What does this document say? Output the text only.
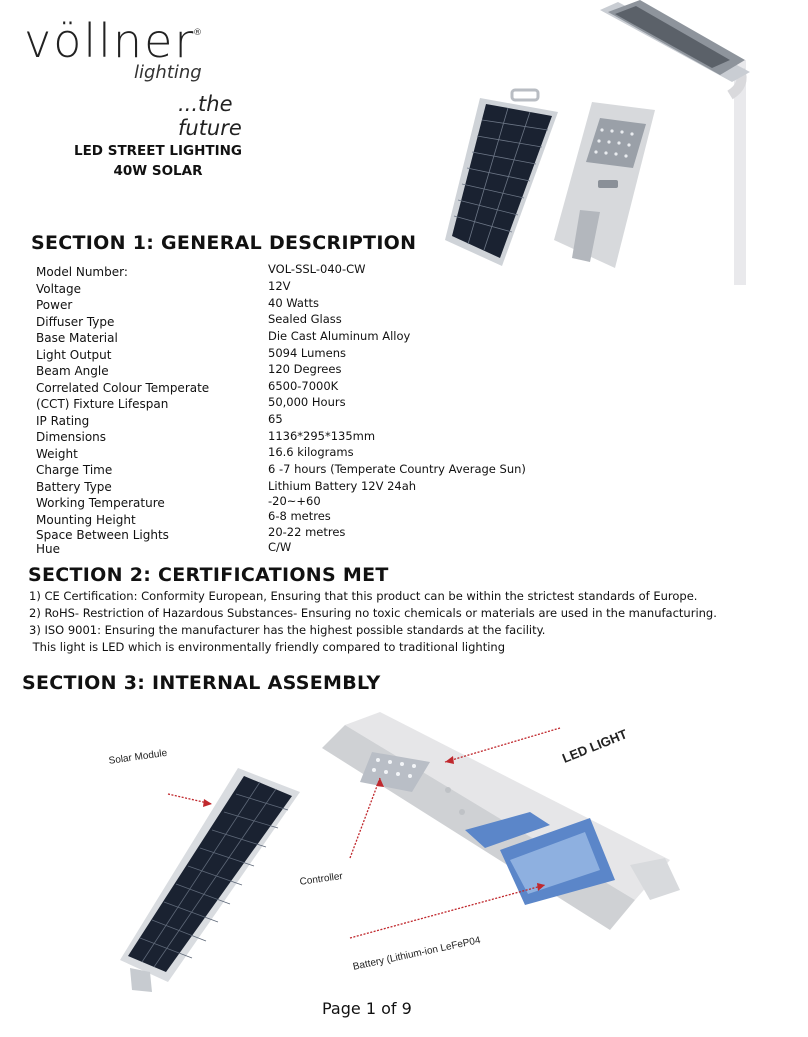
völlner
®
lighting
...the future
LED STREET LIGHTING
40W SOLAR
SECTION 1: GENERAL DESCRIPTION
Model Number:	VOL-SSL-040-CW
Voltage	12V
Power	40 Watts
Diffuser Type	Sealed Glass
Base Material	Die Cast Aluminum Alloy
Light Output	5094 Lumens
Beam Angle	120 Degrees
Correlated Colour Temperate	6500-7000K
(CCT) Fixture Lifespan	50,000 Hours
IP Rating	65
Dimensions	1136*295*135mm
Weight	16.6 kilograms
Charge Time	6 -7 hours (Temperate Country Average Sun)
Battery Type	Lithium Battery 12V 24ah
Working Temperature	-20~+60
Mounting Height	6-8 metres
Space Between Lights	20-22 metres
Hue	C/W
SECTION 2: CERTIFICATIONS MET
1) CE Certification: Conformity European, Ensuring that this product can be within the strictest standards of Europe.
2) RoHS- Restriction of Hazardous Substances- Ensuring no toxic chemicals or materials are used in the manufacturing.
3) ISO 9001: Ensuring the manufacturer has the highest possible standards at the facility.
This light is LED which is environmentally friendly compared to traditional lighting
SECTION 3: INTERNAL ASSEMBLY
Solar Module	LED LIGHT
Controller
Battery (Lithium-ion LeFeP04
Page 1 of 9
